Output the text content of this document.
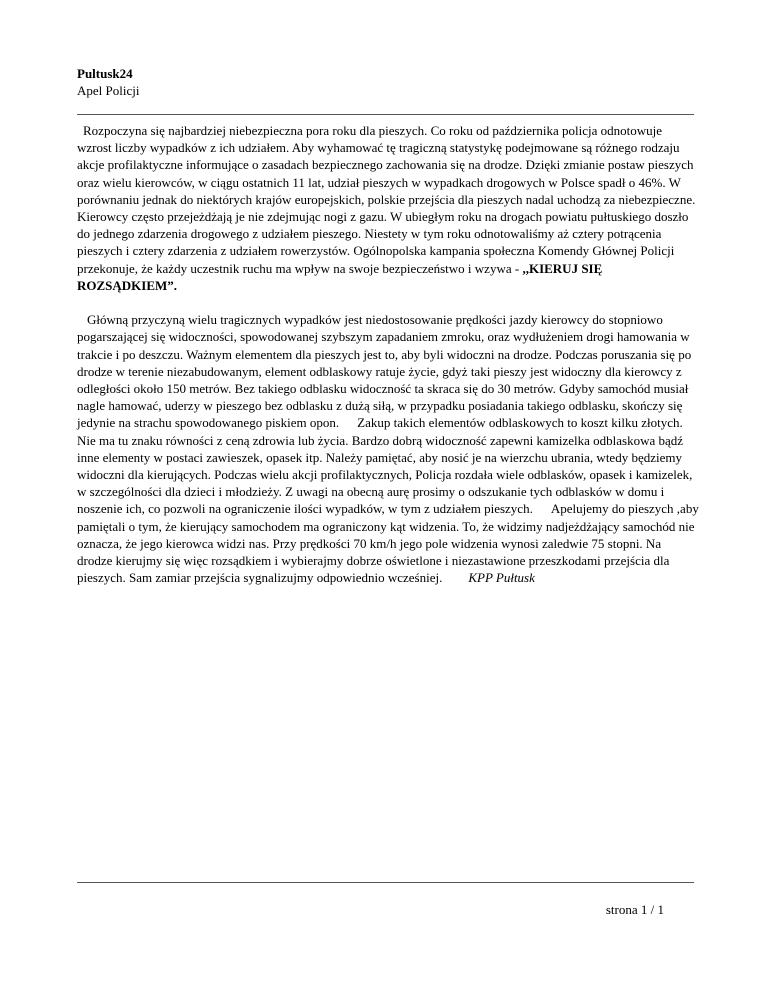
Pultusk24
Apel Policji

Rozpoczyna się najbardziej niebezpieczna pora roku dla pieszych. Co roku od października policja odnotowuje wzrost liczby wypadków z ich udziałem. Aby wyhamować tę tragiczną statystykę podejmowane są różnego rodzaju akcje profilaktyczne informujące o zasadach bezpiecznego zachowania się na drodze. Dzięki zmianie postaw pieszych oraz wielu kierowców, w ciągu ostatnich 11 lat, udział pieszych w wypadkach drogowych w Polsce spadł o 46%. W porównaniu jednak do niektórych krajów europejskich, polskie przejścia dla pieszych nadal uchodzą za niebezpieczne. Kierowcy często przejeżdżają je nie zdejmując nogi z gazu. W ubiegłym roku na drogach powiatu pułtuskiego doszło do jednego zdarzenia drogowego z udziałem pieszego. Niestety w tym roku odnotowaliśmy aż cztery potrącenia pieszych i cztery zdarzenia z udziałem rowerzystów. Ogólnopolska kampania społeczna Komendy Głównej Policji przekonuje, że każdy uczestnik ruchu ma wpływ na swoje bezpieczeństwo i wzywa - ,,KIERUJ SIĘ ROZSĄDKIEM”.

Główną przyczyną wielu tragicznych wypadków jest niedostosowanie prędkości jazdy kierowcy do stopniowo pogarszającej się widoczności, spowodowanej szybszym zapadaniem zmroku, oraz wydłużeniem drogi hamowania w trakcie i po deszczu. Ważnym elementem dla pieszych jest to, aby byli widoczni na drodze. Podczas poruszania się po drodze w terenie niezabudowanym, element odblaskowy ratuje życie, gdyż taki pieszy jest widoczny dla kierowcy z odległości około 150 metrów. Bez takiego odblasku widoczność ta skraca się do 30 metrów. Gdyby samochód musiał nagle hamować, uderzy w pieszego bez odblasku z dużą siłą, w przypadku posiadania takiego odblasku, skończy się jedynie na strachu spowodowanego piskiem opon. Zakup takich elementów odblaskowych to koszt kilku złotych. Nie ma tu znaku równości z ceną zdrowia lub życia. Bardzo dobrą widoczność zapewni kamizelka odblaskowa bądź inne elementy w postaci zawieszek, opasek itp. Należy pamiętać, aby nosić je na wierzchu ubrania, wtedy będziemy widoczni dla kierujących. Podczas wielu akcji profilaktycznych, Policja rozdała wiele odblasków, opasek i kamizelek, w szczególności dla dzieci i młodzieży. Z uwagi na obecną aurę prosimy o odszukanie tych odblasków w domu i noszenie ich, co pozwoli na ograniczenie ilości wypadków, w tym z udziałem pieszych. Apelujemy do pieszych ,aby pamiętali o tym, że kierujący samochodem ma ograniczony kąt widzenia. To, że widzimy nadjeżdżający samochód nie oznacza, że jego kierowca widzi nas. Przy prędkości 70 km/h jego pole widzenia wynosi zaledwie 75 stopni. Na drodze kierujmy się więc rozsądkiem i wybierajmy dobrze oświetlone i niezastawione przeszkodami przejścia dla pieszych. Sam zamiar przejścia sygnalizujmy odpowiednio wcześniej. KPP Pułtusk

strona 1 / 1
